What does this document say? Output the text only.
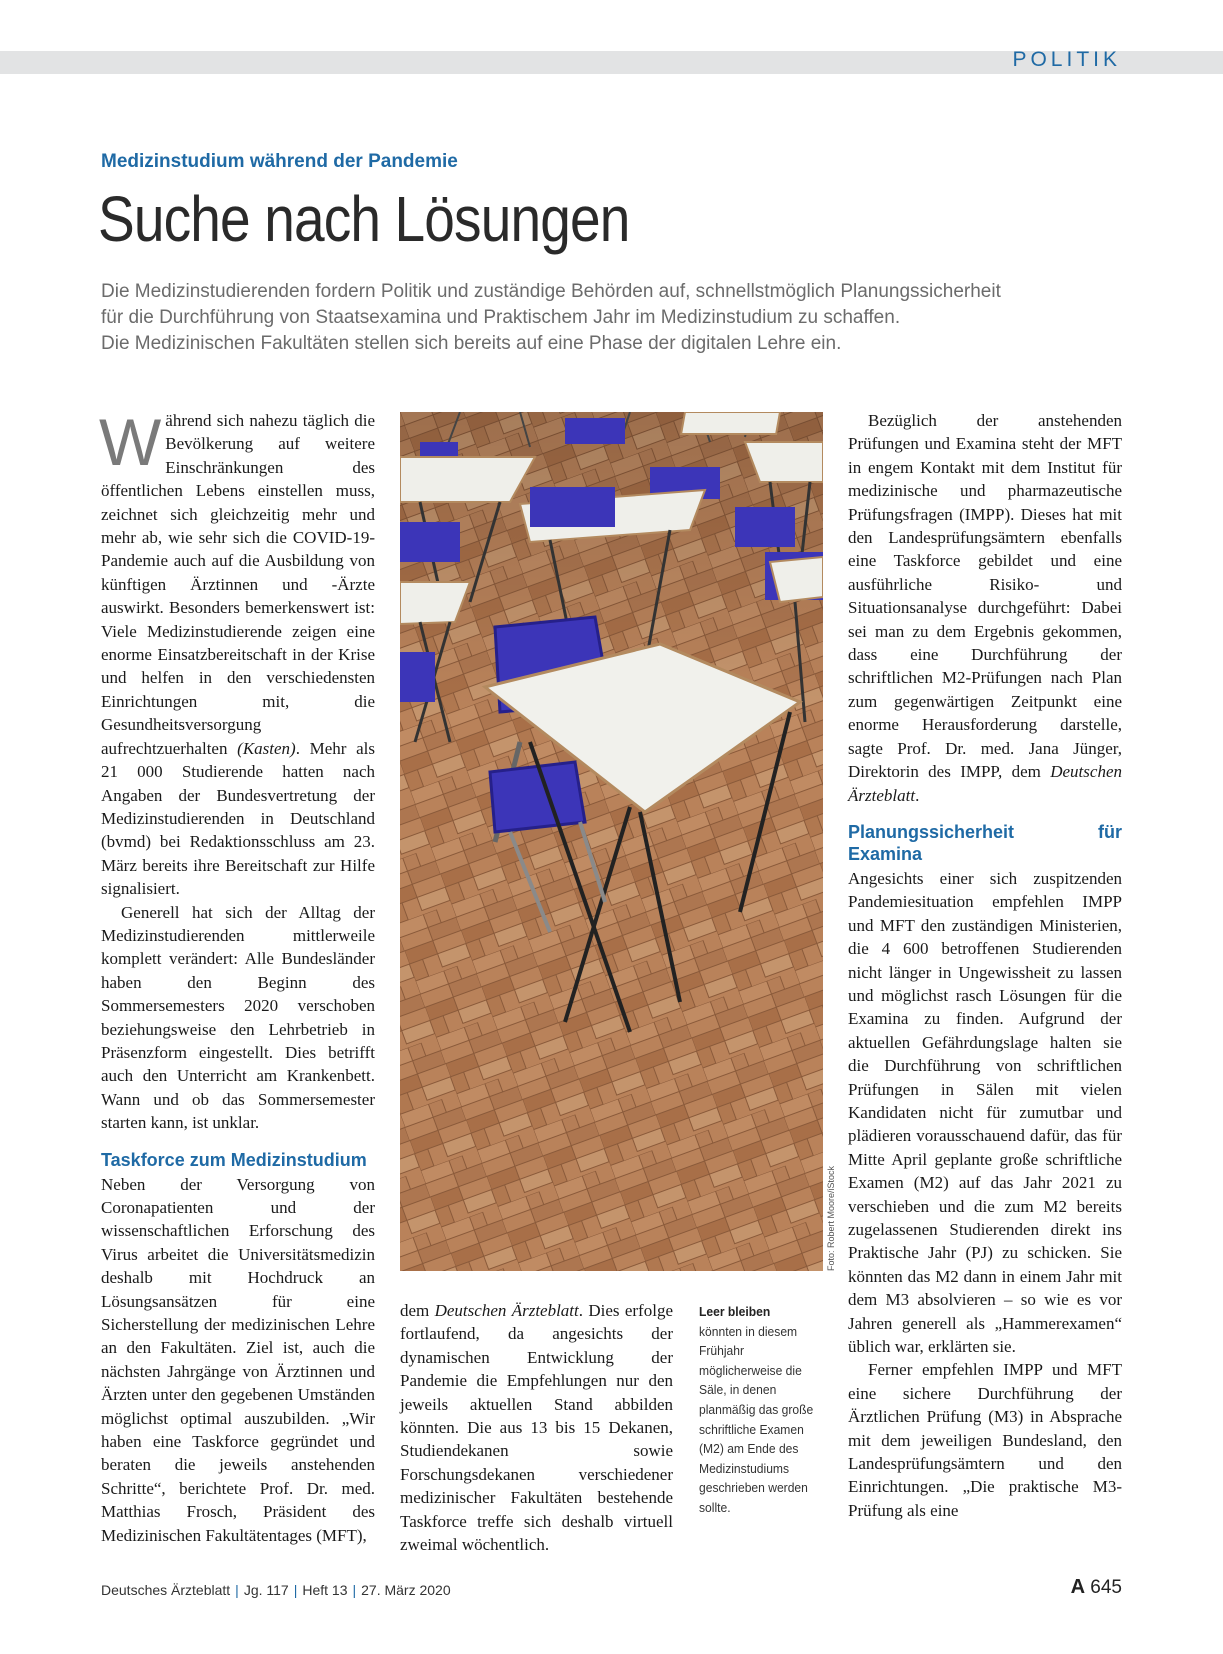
POLITIK
Medizinstudium während der Pandemie
Suche nach Lösungen

Die Medizinstudierenden fordern Politik und zuständige Behörden auf, schnellstmöglich Planungssicherheit

für die Durchführung von Staatsexamina und Praktischem Jahr im Medizinstudium zu schaffen.

Die Medizinischen Fakultäten stellen sich bereits auf eine Phase der digitalen Lehre ein.

Während sich nahezu täglich die Bevölkerung auf weitere Einschränkungen des öffentlichen Lebens einstellen muss, zeichnet sich gleichzeitig mehr und mehr ab, wie sehr sich die COVID-19-Pandemie auch auf die Ausbildung von künftigen Ärztinnen und -Ärzte auswirkt. Besonders bemerkenswert ist: Viele Medizinstudierende zeigen eine enorme Einsatzbereitschaft in der Krise und helfen in den verschiedensten Einrichtungen mit, die Gesundheitsversorgung aufrechtzuerhalten (Kasten). Mehr als 21 000 Studierende hatten nach Angaben der Bundesvertretung der Medizinstudierenden in Deutschland (bvmd) bei Redaktionsschluss am 23. März bereits ihre Bereitschaft zur Hilfe signalisiert.

Generell hat sich der Alltag der Medizinstudierenden mittlerweile komplett verändert: Alle Bundesländer haben den Beginn des Sommersemesters 2020 verschoben beziehungsweise den Lehrbetrieb in Präsenzform eingestellt. Dies betrifft auch den Unterricht am Krankenbett. Wann und ob das Sommersemester starten kann, ist unklar.

Taskforce zum Medizinstudium

Neben der Versorgung von Coronapatienten und der wissenschaftlichen Erforschung des Virus arbeitet die Universitätsmedizin deshalb mit Hochdruck an Lösungsansätzen für eine Sicherstellung der medizinischen Lehre an den Fakultäten. Ziel ist, auch die nächsten Jahrgänge von Ärztinnen und Ärzten unter den gegebenen Umständen möglichst optimal auszubilden. „Wir haben eine Taskforce gegründet und beraten die jeweils anstehenden Schritte“, berichtete Prof. Dr. med. Matthias Frosch, Präsident des Medizinischen Fakultätentages (MFT),

Foto: Robert Moore/iStock
Leer bleiben könnten in diesem Frühjahr möglicherweise die Säle, in denen planmäßig das große schriftliche Examen (M2) am Ende des Medizinstudiums geschrieben werden sollte.

dem Deutschen Ärzteblatt. Dies erfolge fortlaufend, da angesichts der dynamischen Entwicklung der Pandemie die Empfehlungen nur den jeweils aktuellen Stand abbilden könnten. Die aus 13 bis 15 Dekanen, Studiendekanen sowie Forschungsdekanen verschiedener medizinischer Fakultäten bestehende Taskforce treffe sich deshalb virtuell zweimal wöchentlich.

Bezüglich der anstehenden Prüfungen und Examina steht der MFT in engem Kontakt mit dem Institut für medizinische und pharmazeutische Prüfungsfragen (IMPP). Dieses hat mit den Landesprüfungsämtern ebenfalls eine Taskforce gebildet und eine ausführliche Risiko- und Situationsanalyse durchgeführt: Dabei sei man zu dem Ergebnis gekommen, dass eine Durchführung der schriftlichen M2-Prüfungen nach Plan zum gegenwärtigen Zeitpunkt eine enorme Herausforderung darstelle, sagte Prof. Dr. med. Jana Jünger, Direktorin des IMPP, dem Deutschen Ärzteblatt.

Planungssicherheit für Examina

Angesichts einer sich zuspitzenden Pandemiesituation empfehlen IMPP und MFT den zuständigen Ministerien, die 4 600 betroffenen Studierenden nicht länger in Ungewissheit zu lassen und möglichst rasch Lösungen für die Examina zu finden. Aufgrund der aktuellen Gefährdungslage halten sie die Durchführung von schriftlichen Prüfungen in Sälen mit vielen Kandidaten nicht für zumutbar und plädieren vorausschauend dafür, das für Mitte April geplante große schriftliche Examen (M2) auf das Jahr 2021 zu verschieben und die zum M2 bereits zugelassenen Studierenden direkt ins Praktische Jahr (PJ) zu schicken. Sie könnten das M2 dann in einem Jahr mit dem M3 absolvieren – so wie es vor Jahren generell als „Hammerexamen“ üblich war, erklärten sie.

Ferner empfehlen IMPP und MFT eine sichere Durchführung der Ärztlichen Prüfung (M3) in Absprache mit dem jeweiligen Bundesland, den Landesprüfungsämtern und den Einrichtungen. „Die praktische M3-Prüfung als eine

Deutsches Ärzteblatt | Jg. 117 | Heft 13 | 27. März 2020	A 645
